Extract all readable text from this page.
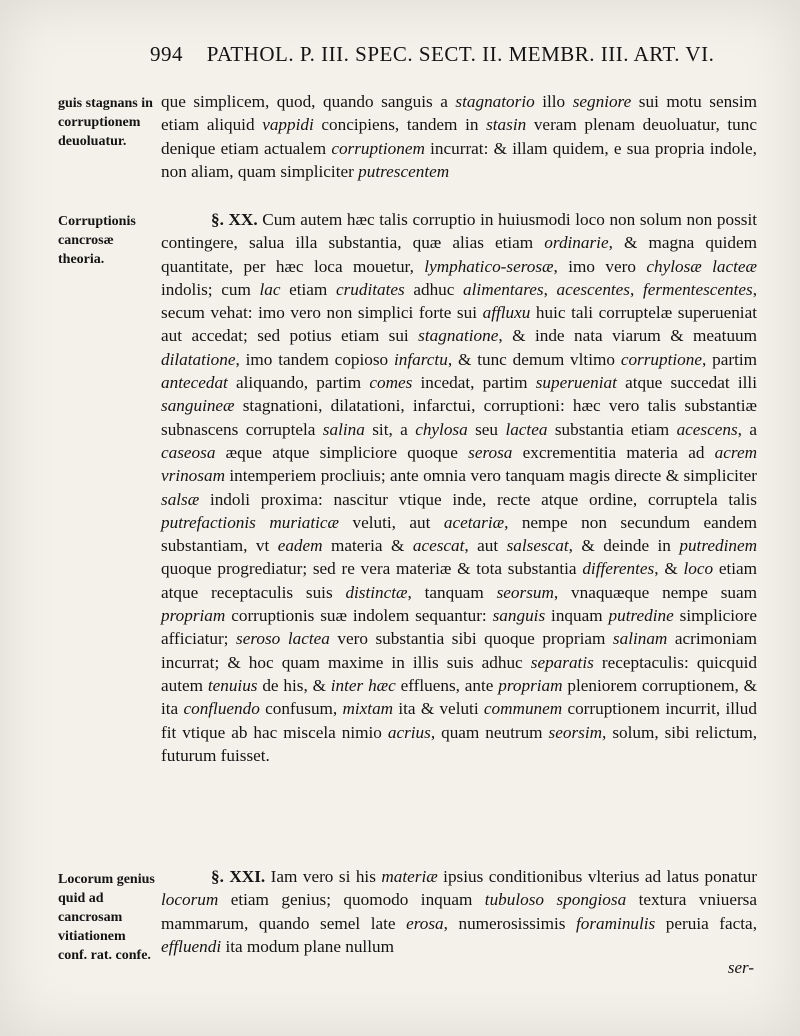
994 PATHOL. P. III. SPEC. SECT. II. MEMBR. III. ART. VI.
guis stagnans in corruptionem deuoluatur.
Corruptionis cancrosæ theoria.
Locorum genius quid ad cancrosam vitiationem conf. rat. confe.

que simplicem, quod, quando sanguis a stagnatorio illo segniore sui motu sensim etiam aliquid vappidi concipiens, tandem in stasin veram plenam deuoluatur, tunc denique etiam actualem corruptionem incurrat: & illam quidem, e sua propria indole, non aliam, quam simpliciter putrescentem

§. XX. Cum autem hæc talis corruptio in huiusmodi loco non solum non possit contingere, salua illa substantia, quæ alias etiam ordinarie, & magna quidem quantitate, per hæc loca mouetur, lymphatico-serosæ, imo vero chylosæ lacteæ indolis; cum lac etiam cruditates adhuc alimentares, acescentes, fermentescentes, secum vehat: imo vero non simplici forte sui affluxu huic tali corruptelæ superueniat aut accedat; sed potius etiam sui stagnatione, & inde nata viarum & meatuum dilatatione, imo tandem copioso infarctu, & tunc demum vltimo corruptione, partim antecedat aliquando, partim comes incedat, partim superueniat atque succedat illi sanguineæ stagnationi, dilatationi, infarctui, corruptioni: hæc vero talis substantiæ subnascens corruptela salina sit, a chylosa seu lactea substantia etiam acescens, a caseosa æque atque simpliciore quoque serosa excrementitia materia ad acrem vrinosam intemperiem procliuis; ante omnia vero tanquam magis directe & simpliciter salsæ indoli proxima: nascitur vtique inde, recte atque ordine, corruptela talis putrefactionis muriaticæ veluti, aut acetariæ, nempe non secundum eandem substantiam, vt eadem materia & acescat, aut salsescat, & deinde in putredinem quoque progrediatur; sed re vera materiæ & tota substantia differentes, & loco etiam atque receptaculis suis distinctæ, tanquam seorsum, vnaquæque nempe suam propriam corruptionis suæ indolem sequantur: sanguis inquam putredine simpliciore afficiatur; seroso lactea vero substantia sibi quoque propriam salinam acrimoniam incurrat; & hoc quam maxime in illis suis adhuc separatis receptaculis: quicquid autem tenuius de his, & inter hæc effluens, ante propriam pleniorem corruptionem, & ita confluendo confusum, mixtam ita & veluti communem corruptionem incurrit, illud fit vtique ab hac miscela nimio acrius, quam neutrum seorsim, solum, sibi relictum, futurum fuisset.

§. XXI. Iam vero si his materiæ ipsius conditionibus vlterius ad latus ponatur locorum etiam genius; quomodo inquam tubuloso spongiosa textura vniuersa mammarum, quando semel late erosa, numerosissimis foraminulis peruia facta, effluendi ita modum plane nullum

ser-
